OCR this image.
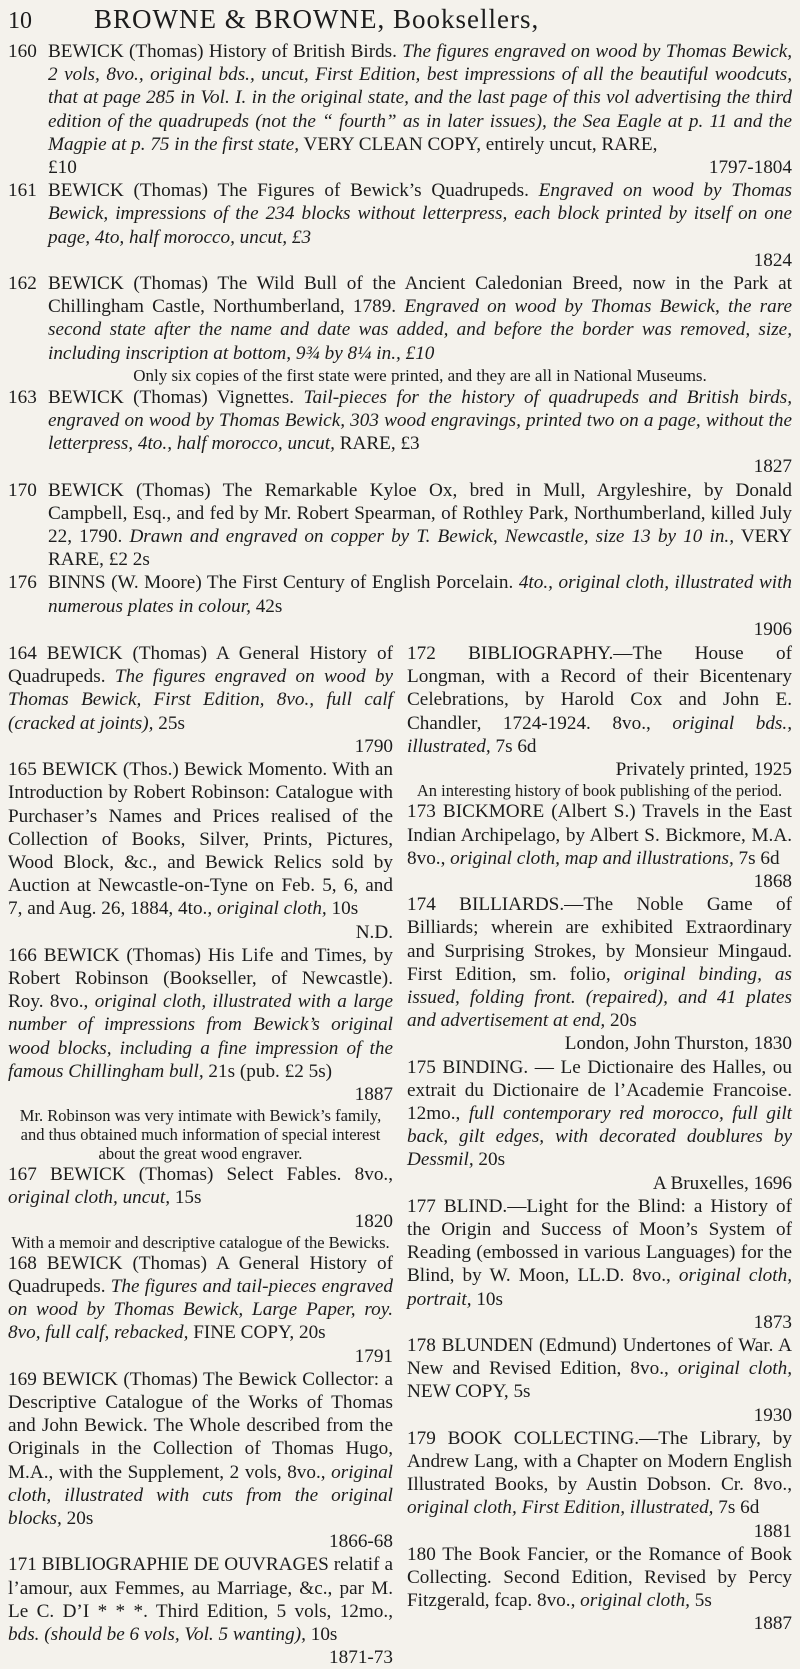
10	BROWNE & BROWNE, Booksellers,
160 BEWICK (Thomas) History of British Birds. The figures engraved on wood by Thomas Bewick, 2 vols, 8vo., original bds., uncut, First Edition, best impressions of all the beautiful woodcuts, that at page 285 in Vol. I. in the original state, and the last page of this vol advertising the third edition of the quadrupeds (not the “ fourth” as in later issues), the Sea Eagle at p. 11 and the Magpie at p. 75 in the first state, VERY CLEAN COPY, entirely uncut, RARE,
£10	1797-1804
161 BEWICK (Thomas) The Figures of Bewick’s Quadrupeds. Engraved on wood by Thomas Bewick, impressions of the 234 blocks without letterpress, each block printed by itself on one page, 4to, half morocco, uncut, £3
1824
162 BEWICK (Thomas) The Wild Bull of the Ancient Caledonian Breed, now in the Park at Chillingham Castle, Northumberland, 1789. Engraved on wood by Thomas Bewick, the rare second state after the name and date was added, and before the border was removed, size, including inscription at bottom, 9¾ by 8¼ in., £10
Only six copies of the first state were printed, and they are all in National Museums.
163 BEWICK (Thomas) Vignettes. Tail-pieces for the history of quadrupeds and British birds, engraved on wood by Thomas Bewick, 303 wood engravings, printed two on a page, without the letterpress, 4to., half morocco, uncut, RARE, £3
1827
170 BEWICK (Thomas) The Remarkable Kyloe Ox, bred in Mull, Argyleshire, by Donald Campbell, Esq., and fed by Mr. Robert Spearman, of Rothley Park, Northumberland, killed July 22, 1790. Drawn and engraved on copper by T. Bewick, Newcastle, size 13 by 10 in., VERY RARE, £2 2s
176 BINNS (W. Moore) The First Century of English Porcelain. 4to., original cloth, illustrated with numerous plates in colour, 42s
1906
164 BEWICK (Thomas) A General History of Quadrupeds. The figures engraved on wood by Thomas Bewick, First Edition, 8vo., full calf (cracked at joints), 25s
1790
165 BEWICK (Thos.) Bewick Momento. With an Introduction by Robert Robinson: Catalogue with Purchaser’s Names and Prices realised of the Collection of Books, Silver, Prints, Pictures, Wood Block, &c., and Bewick Relics sold by Auction at Newcastle-on-Tyne on Feb. 5, 6, and 7, and Aug. 26, 1884, 4to., original cloth, 10s
N.D.
166 BEWICK (Thomas) His Life and Times, by Robert Robinson (Bookseller, of Newcastle). Roy. 8vo., original cloth, illustrated with a large number of impressions from Bewick’s original wood blocks, including a fine impression of the famous Chillingham bull, 21s (pub. £2 5s)
1887
Mr. Robinson was very intimate with Bewick’s family, and thus obtained much information of special interest about the great wood engraver.
167 BEWICK (Thomas) Select Fables. 8vo., original cloth, uncut, 15s
1820
With a memoir and descriptive catalogue of the Bewicks.
168 BEWICK (Thomas) A General History of Quadrupeds. The figures and tail-pieces engraved on wood by Thomas Bewick, Large Paper, roy. 8vo, full calf, rebacked, FINE COPY, 20s
1791
169 BEWICK (Thomas) The Bewick Collector: a Descriptive Catalogue of the Works of Thomas and John Bewick. The Whole described from the Originals in the Collection of Thomas Hugo, M.A., with the Supplement, 2 vols, 8vo., original cloth, illustrated with cuts from the original blocks, 20s
1866-68
171 BIBLIOGRAPHIE DE OUVRAGES relatif a l’amour, aux Femmes, au Marriage, &c., par M. Le C. D’I * * *. Third Edition, 5 vols, 12mo., bds. (should be 6 vols, Vol. 5 wanting), 10s
1871-73
172 BIBLIOGRAPHY.—The House of Longman, with a Record of their Bicentenary Celebrations, by Harold Cox and John E. Chandler, 1724-1924. 8vo., original bds., illustrated, 7s 6d
Privately printed, 1925
An interesting history of book publishing of the period.
173 BICKMORE (Albert S.) Travels in the East Indian Archipelago, by Albert S. Bickmore, M.A. 8vo., original cloth, map and illustrations, 7s 6d
1868
174 BILLIARDS.—The Noble Game of Billiards; wherein are exhibited Extraordinary and Surprising Strokes, by Monsieur Mingaud. First Edition, sm. folio, original binding, as issued, folding front. (repaired), and 41 plates and advertisement at end, 20s
London, John Thurston, 1830
175 BINDING. — Le Dictionaire des Halles, ou extrait du Dictionaire de l’Academie Francoise. 12mo., full contemporary red morocco, full gilt back, gilt edges, with decorated doublures by Dessmil, 20s
A Bruxelles, 1696
177 BLIND.—Light for the Blind: a History of the Origin and Success of Moon’s System of Reading (embossed in various Languages) for the Blind, by W. Moon, LL.D. 8vo., original cloth, portrait, 10s
1873
178 BLUNDEN (Edmund) Undertones of War. A New and Revised Edition, 8vo., original cloth, NEW COPY, 5s
1930
179 BOOK COLLECTING.—The Library, by Andrew Lang, with a Chapter on Modern English Illustrated Books, by Austin Dobson. Cr. 8vo., original cloth, First Edition, illustrated, 7s 6d
1881
180 The Book Fancier, or the Romance of Book Collecting. Second Edition, Revised by Percy Fitzgerald, fcap. 8vo., original cloth, 5s
1887
